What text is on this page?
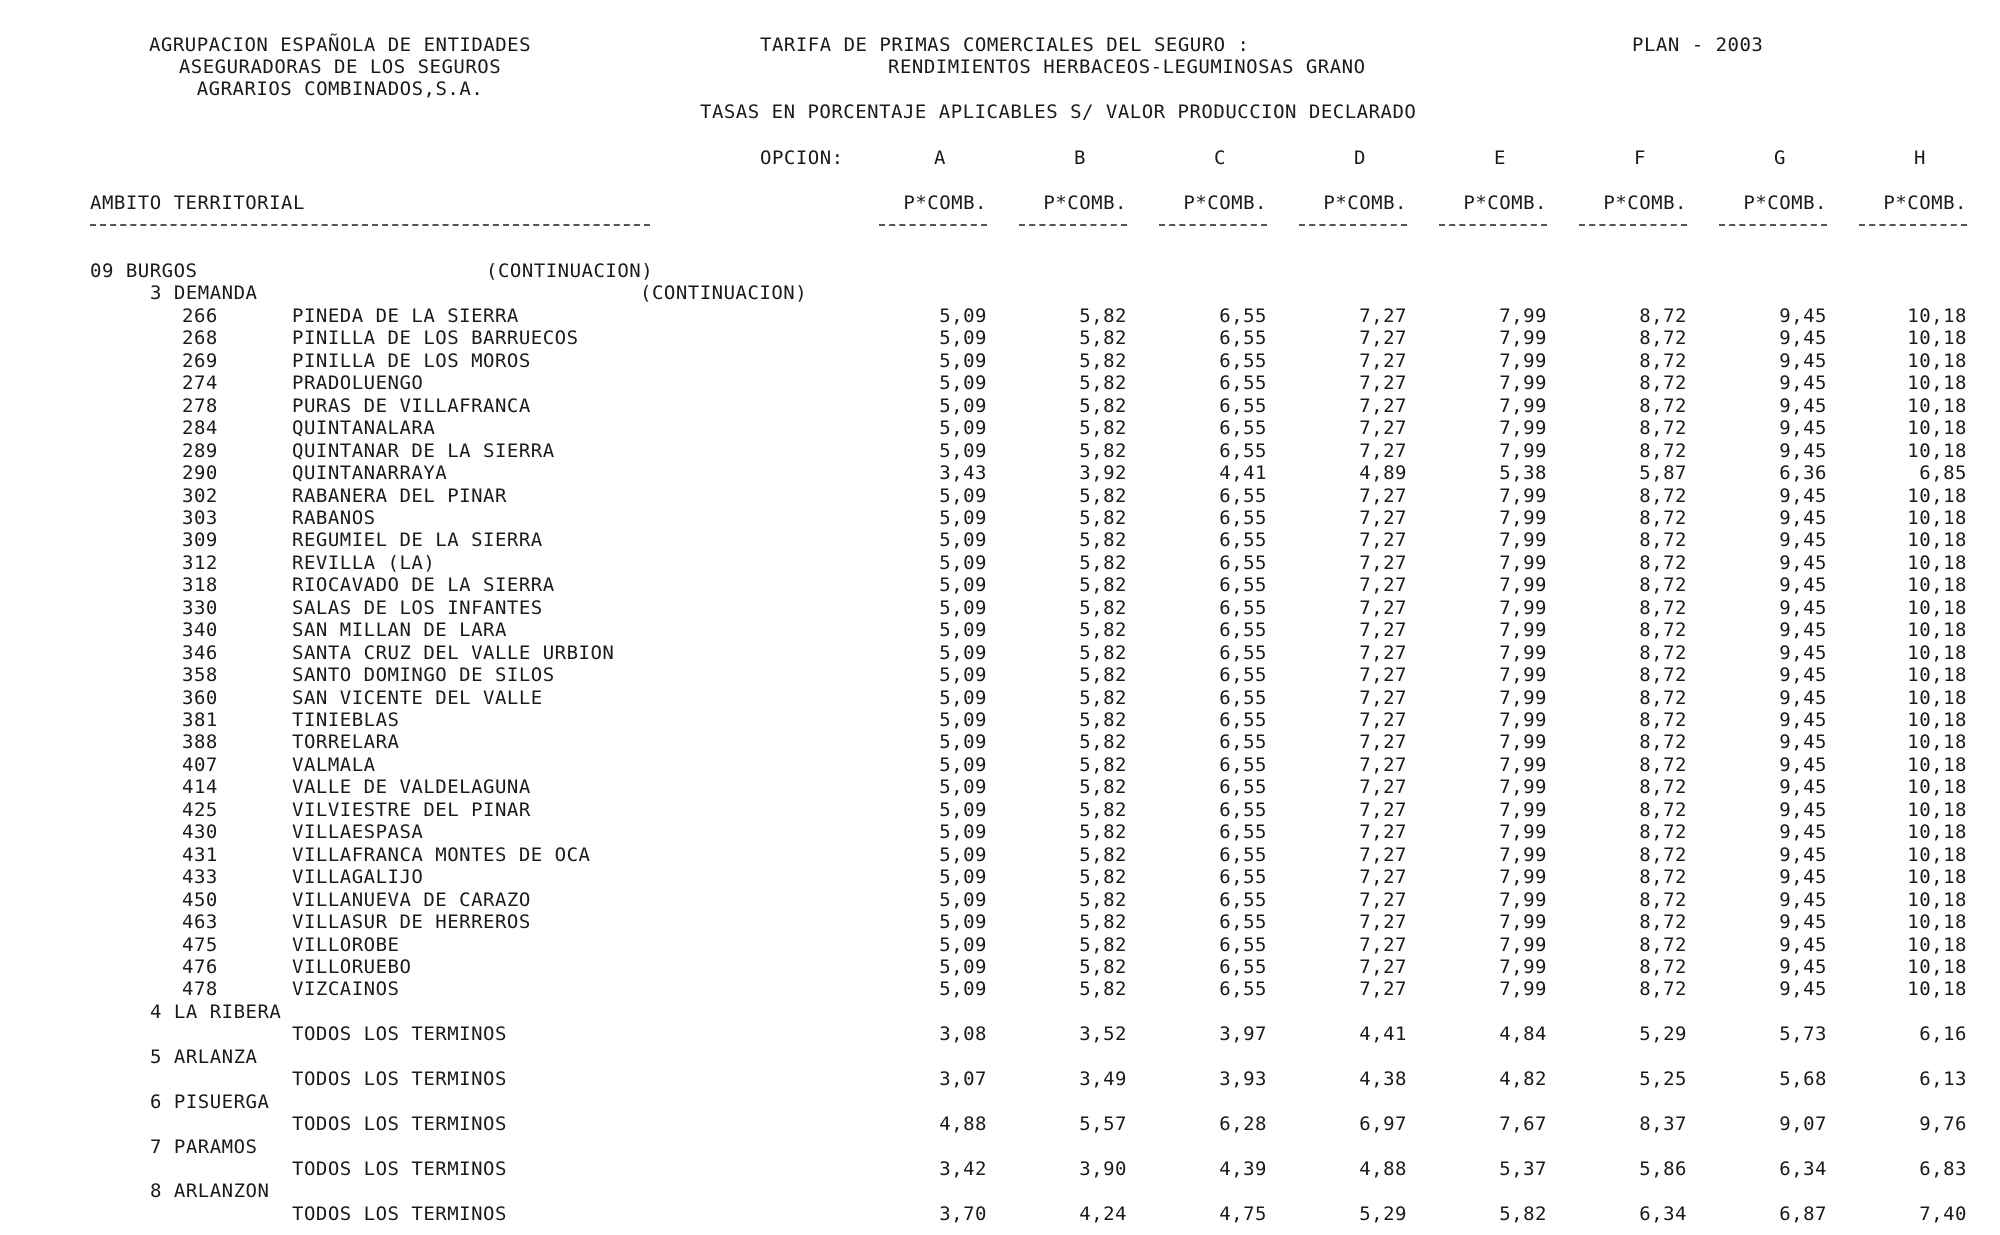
AGRUPACION ESPAÑOLA DE ENTIDADES
ASEGURADORAS DE LOS SEGUROS
AGRARIOS COMBINADOS,S.A.
TARIFA DE PRIMAS COMERCIALES DEL SEGURO :
RENDIMIENTOS HERBACEOS-LEGUMINOSAS GRANO
PLAN - 2003
TASAS EN PORCENTAJE APLICABLES S/ VALOR PRODUCCION DECLARADO
OPCION:	A	B	C	D	E	F	G	H
AMBITO TERRITORIAL	P*COMB.	P*COMB.	P*COMB.	P*COMB.	P*COMB.	P*COMB.	P*COMB.	P*COMB.
09 BURGOS	(CONTINUACION)
3 DEMANDA	(CONTINUACION)
266	PINEDA DE LA SIERRA	5,09	5,82	6,55	7,27	7,99	8,72	9,45	10,18
268	PINILLA DE LOS BARRUECOS	5,09	5,82	6,55	7,27	7,99	8,72	9,45	10,18
269	PINILLA DE LOS MOROS	5,09	5,82	6,55	7,27	7,99	8,72	9,45	10,18
274	PRADOLUENGO	5,09	5,82	6,55	7,27	7,99	8,72	9,45	10,18
278	PURAS DE VILLAFRANCA	5,09	5,82	6,55	7,27	7,99	8,72	9,45	10,18
284	QUINTANALARA	5,09	5,82	6,55	7,27	7,99	8,72	9,45	10,18
289	QUINTANAR DE LA SIERRA	5,09	5,82	6,55	7,27	7,99	8,72	9,45	10,18
290	QUINTANARRAYA	3,43	3,92	4,41	4,89	5,38	5,87	6,36	6,85
302	RABANERA DEL PINAR	5,09	5,82	6,55	7,27	7,99	8,72	9,45	10,18
303	RABANOS	5,09	5,82	6,55	7,27	7,99	8,72	9,45	10,18
309	REGUMIEL DE LA SIERRA	5,09	5,82	6,55	7,27	7,99	8,72	9,45	10,18
312	REVILLA (LA)	5,09	5,82	6,55	7,27	7,99	8,72	9,45	10,18
318	RIOCAVADO DE LA SIERRA	5,09	5,82	6,55	7,27	7,99	8,72	9,45	10,18
330	SALAS DE LOS INFANTES	5,09	5,82	6,55	7,27	7,99	8,72	9,45	10,18
340	SAN MILLAN DE LARA	5,09	5,82	6,55	7,27	7,99	8,72	9,45	10,18
346	SANTA CRUZ DEL VALLE URBION	5,09	5,82	6,55	7,27	7,99	8,72	9,45	10,18
358	SANTO DOMINGO DE SILOS	5,09	5,82	6,55	7,27	7,99	8,72	9,45	10,18
360	SAN VICENTE DEL VALLE	5,09	5,82	6,55	7,27	7,99	8,72	9,45	10,18
381	TINIEBLAS	5,09	5,82	6,55	7,27	7,99	8,72	9,45	10,18
388	TORRELARA	5,09	5,82	6,55	7,27	7,99	8,72	9,45	10,18
407	VALMALA	5,09	5,82	6,55	7,27	7,99	8,72	9,45	10,18
414	VALLE DE VALDELAGUNA	5,09	5,82	6,55	7,27	7,99	8,72	9,45	10,18
425	VILVIESTRE DEL PINAR	5,09	5,82	6,55	7,27	7,99	8,72	9,45	10,18
430	VILLAESPASA	5,09	5,82	6,55	7,27	7,99	8,72	9,45	10,18
431	VILLAFRANCA MONTES DE OCA	5,09	5,82	6,55	7,27	7,99	8,72	9,45	10,18
433	VILLAGALIJO	5,09	5,82	6,55	7,27	7,99	8,72	9,45	10,18
450	VILLANUEVA DE CARAZO	5,09	5,82	6,55	7,27	7,99	8,72	9,45	10,18
463	VILLASUR DE HERREROS	5,09	5,82	6,55	7,27	7,99	8,72	9,45	10,18
475	VILLOROBE	5,09	5,82	6,55	7,27	7,99	8,72	9,45	10,18
476	VILLORUEBO	5,09	5,82	6,55	7,27	7,99	8,72	9,45	10,18
478	VIZCAINOS	5,09	5,82	6,55	7,27	7,99	8,72	9,45	10,18
4 LA RIBERA
TODOS LOS TERMINOS	3,08	3,52	3,97	4,41	4,84	5,29	5,73	6,16
5 ARLANZA
TODOS LOS TERMINOS	3,07	3,49	3,93	4,38	4,82	5,25	5,68	6,13
6 PISUERGA
TODOS LOS TERMINOS	4,88	5,57	6,28	6,97	7,67	8,37	9,07	9,76
7 PARAMOS
TODOS LOS TERMINOS	3,42	3,90	4,39	4,88	5,37	5,86	6,34	6,83
8 ARLANZON
TODOS LOS TERMINOS	3,70	4,24	4,75	5,29	5,82	6,34	6,87	7,40
